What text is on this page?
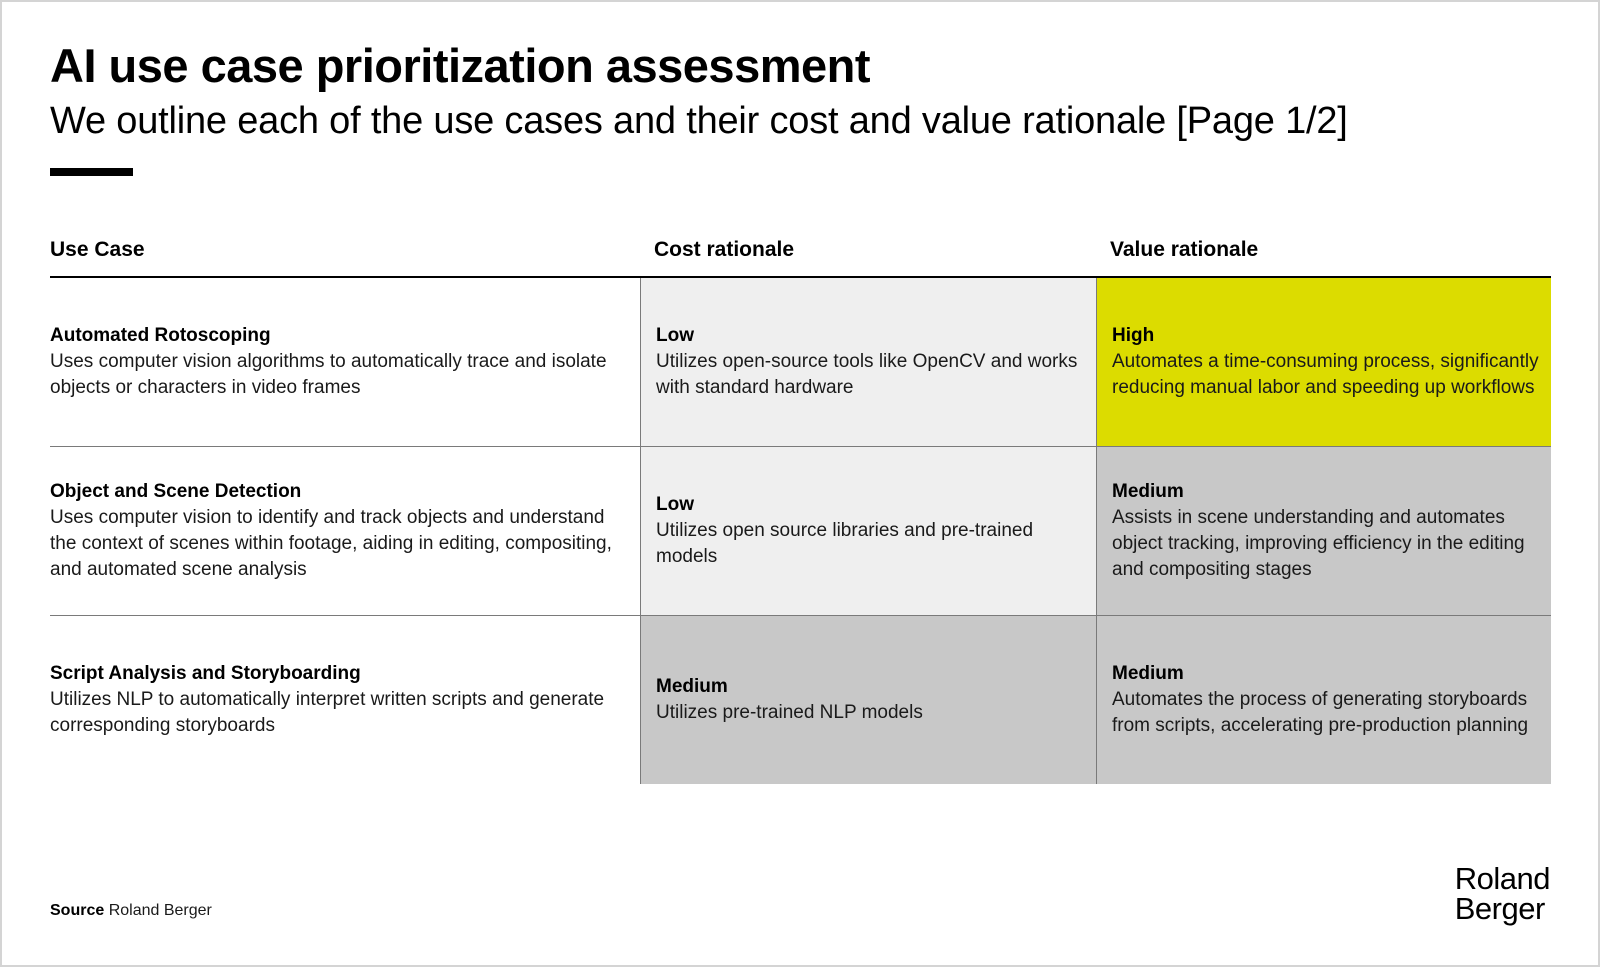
AI use case prioritization assessment
We outline each of the use cases and their cost and value rationale [Page 1/2]
Use Case	Cost rationale	Value rationale
Automated Rotoscoping
Uses computer vision algorithms to automatically trace and isolate objects or characters in video frames
Low
Utilizes open-source tools like OpenCV and works with standard hardware
High
Automates a time-consuming process, significantly reducing manual labor and speeding up workflows
Object and Scene Detection
Uses computer vision to identify and track objects and understand the context of scenes within footage, aiding in editing, compositing, and automated scene analysis
Low
Utilizes open source libraries and pre-trained models
Medium
Assists in scene understanding and automates object tracking, improving efficiency in the editing and compositing stages
Script Analysis and Storyboarding
Utilizes NLP to automatically interpret written scripts and generate corresponding storyboards
Medium
Utilizes pre-trained NLP models
Medium
Automates the process of generating storyboards from scripts, accelerating pre-production planning
Source Roland Berger
Roland
Berger
